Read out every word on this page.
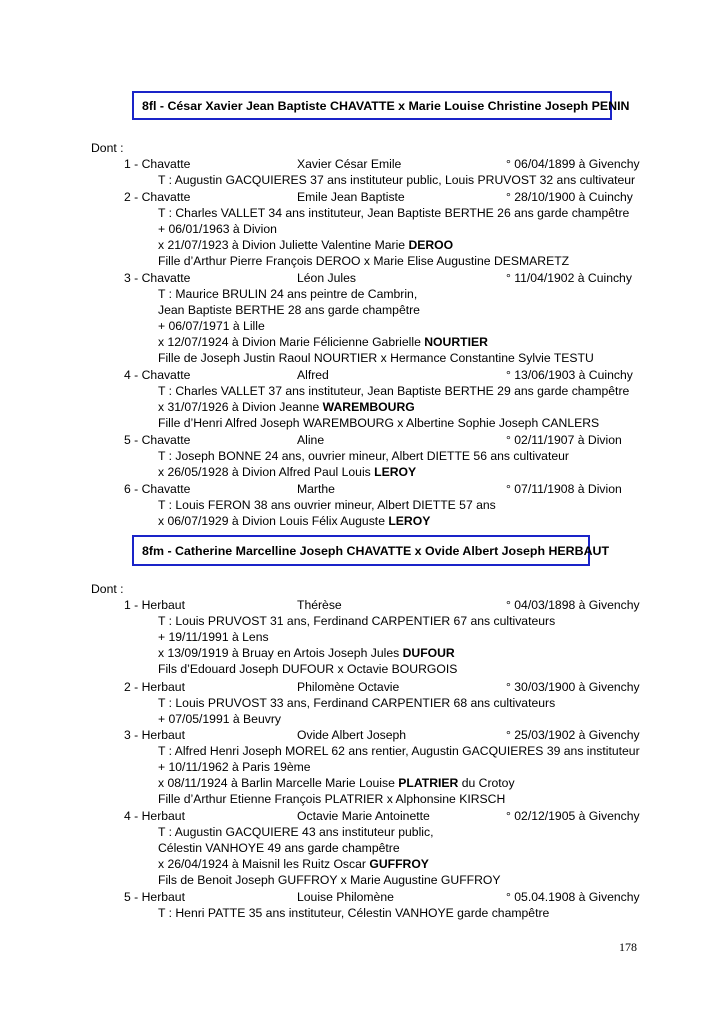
8fl - César Xavier Jean Baptiste CHAVATTE x Marie Louise Christine Joseph PENIN
Dont :
1 - Chavatte	Xavier César Emile	° 06/04/1899 à Givenchy
T : Augustin GACQUIERES 37 ans instituteur public, Louis PRUVOST 32 ans cultivateur
2 - Chavatte	Emile Jean Baptiste	° 28/10/1900 à Cuinchy
T : Charles VALLET 34 ans instituteur, Jean Baptiste BERTHE 26 ans garde champêtre
+ 06/01/1963 à Divion
x 21/07/1923 à Divion Juliette Valentine Marie DEROO
Fille d’Arthur Pierre François DEROO x Marie Elise Augustine DESMARETZ
3 - Chavatte	Léon Jules	° 11/04/1902 à Cuinchy
T : Maurice BRULIN 24 ans peintre de Cambrin,
Jean Baptiste BERTHE 28 ans garde champêtre
+ 06/07/1971 à Lille
x 12/07/1924 à Divion Marie Félicienne Gabrielle NOURTIER
Fille de Joseph Justin Raoul NOURTIER x Hermance Constantine Sylvie TESTU
4 - Chavatte	Alfred	° 13/06/1903 à Cuinchy
T : Charles VALLET 37 ans instituteur, Jean Baptiste BERTHE 29 ans garde champêtre
x 31/07/1926 à Divion Jeanne WAREMBOURG
Fille d’Henri Alfred Joseph WAREMBOURG x Albertine Sophie Joseph CANLERS
5 - Chavatte	Aline	° 02/11/1907 à Divion
T : Joseph BONNE 24 ans, ouvrier mineur, Albert DIETTE 56 ans cultivateur
x 26/05/1928 à Divion Alfred Paul Louis LEROY
6 - Chavatte	Marthe	° 07/11/1908 à Divion
T : Louis FERON 38 ans ouvrier mineur, Albert DIETTE 57 ans
x 06/07/1929 à Divion Louis Félix Auguste LEROY
8fm - Catherine Marcelline Joseph CHAVATTE x Ovide Albert Joseph HERBAUT
Dont :
1 - Herbaut	Thérèse	° 04/03/1898 à Givenchy
T : Louis PRUVOST 31 ans, Ferdinand CARPENTIER 67 ans cultivateurs
+ 19/11/1991 à Lens
x 13/09/1919 à Bruay en Artois Joseph Jules DUFOUR
Fils d’Edouard Joseph DUFOUR x Octavie BOURGOIS
2 - Herbaut	Philomène Octavie	° 30/03/1900 à Givenchy
T : Louis PRUVOST 33 ans, Ferdinand CARPENTIER 68 ans cultivateurs
+ 07/05/1991 à Beuvry
3 - Herbaut	Ovide Albert Joseph	° 25/03/1902 à Givenchy
T : Alfred Henri Joseph MOREL 62 ans rentier, Augustin GACQUIERES 39 ans instituteur
+ 10/11/1962 à Paris 19ème
x 08/11/1924 à Barlin Marcelle Marie Louise PLATRIER du Crotoy
Fille d’Arthur Etienne François PLATRIER x Alphonsine KIRSCH
4 - Herbaut	Octavie Marie Antoinette	° 02/12/1905 à Givenchy
T : Augustin GACQUIERE 43 ans instituteur public,
Célestin VANHOYE 49 ans garde champêtre
x 26/04/1924 à Maisnil les Ruitz Oscar GUFFROY
Fils de Benoit Joseph GUFFROY x Marie Augustine GUFFROY
5 - Herbaut	Louise Philomène	° 05.04.1908 à Givenchy
T : Henri PATTE 35 ans instituteur, Célestin VANHOYE garde champêtre
178
